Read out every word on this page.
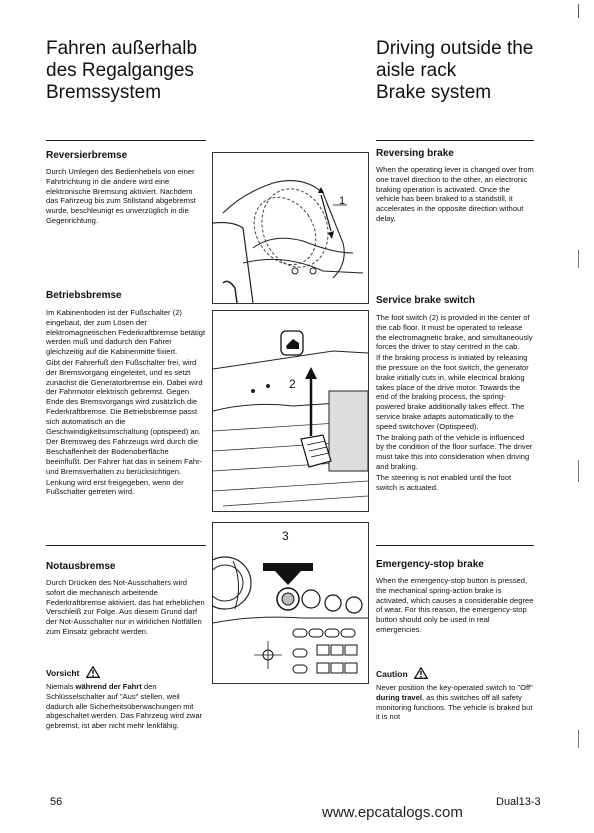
Fahren außerhalb
des Regalganges
Bremssystem
Driving outside the
aisle rack
Brake system
Reversierbremse

Durch Umlegen des Bedienhebels von einer Fahrtrichtung in die andere wird eine elektronische Bremsung aktiviert. Nachdem das Fahrzeug bis zum Stillstand abgebremst wurde, beschleunigt es unverzüglich in die Gegenrichtung.

Reversing brake

When the operating lever is changed over from one travel direction to the other, an electronic braking operation is activated. Once the vehicle has been braked to a standstill, it accelerates in the opposite direction without delay.

Betriebsbremse

Im Kabinenboden ist der Fußschalter (2) eingebaut, der zum Lösen der elektromagnetischen Federkraftbremse betätigt werden muß und dadurch den Fahrer gleichzeitig auf die Kabinenmitte fixiert.

Gibt der Fahrerfuß den Fußschalter frei, wird der Bremsvorgang eingeleitet, und es setzt zunächst die Generatorbremse ein. Dabei wird der Fahrmotor elektrisch gebremst. Gegen Ende des Bremsvorgangs wird zusätzlich die Federkraftbremse. Die Betriebsbremse passt sich automatisch an die Geschwindigkeitsumschaltung (optispeed) an.

Der Bremsweg des Fahrzeugs wird durch die Beschaffenheit der Bodenoberfläche beeinflußt. Der Fahrer hat das in seinem Fahr- und Bremsverhalten zu berücksichtigen.

Lenkung wird erst freigegeben, wenn der Fußschalter getreten wird.

Service brake switch

The foot switch (2) is provided in the center of the cab floor. It must be operated to release the electromagnetic brake, and simultaneously forces the driver to stay centred in the cab.

If the braking process is initiated by releasing the pressure on the foot switch, the generator brake initially cuts in, while electrical braking takes place of the drive motor. Towards the end of the braking process, the spring-powered brake additionally takes effect. The service brake adapts automatically to the speed switchover (Optispeed).

The braking path of the vehicle is influenced by the condition of the floor surface. The driver must take this into consideration when driving and braking.

The steering is not enabled until the foot switch is actuated.

Notausbremse

Durch Drücken des Not-Ausschalters wird sofort die mechanisch arbeitende Federkraftbremse aktiviert. das hat erheblichen Verschleiß zur Folge. Aus diesem Grund darf der Not-Ausschalter nur in wirklichen Notfällen zum Einsatz gebracht werden.

Emergency-stop brake

When the emergency-stop button is pressed, the mechanical spring-action brake is activated, which causes a considerable degree of wear. For this reason, the emergency-stop button should only be used in real emergencies.

Vorsicht

Niemals während der Fahrt den Schlüsselschalter auf "Aus" stellen, weil dadurch alle Sicherheitsüberwachungen mit abgeschaltet werden. Das Fahrzeug wird zwar gebremst, ist aber nicht mehr lenkfähig.

Caution

Never position the key-operated switch to "Off" during travel, as this switches off all safety monitoring functions. The vehicle is braked but it is not

1
2
3
56
www.epcatalogs.com
Dual13-3
